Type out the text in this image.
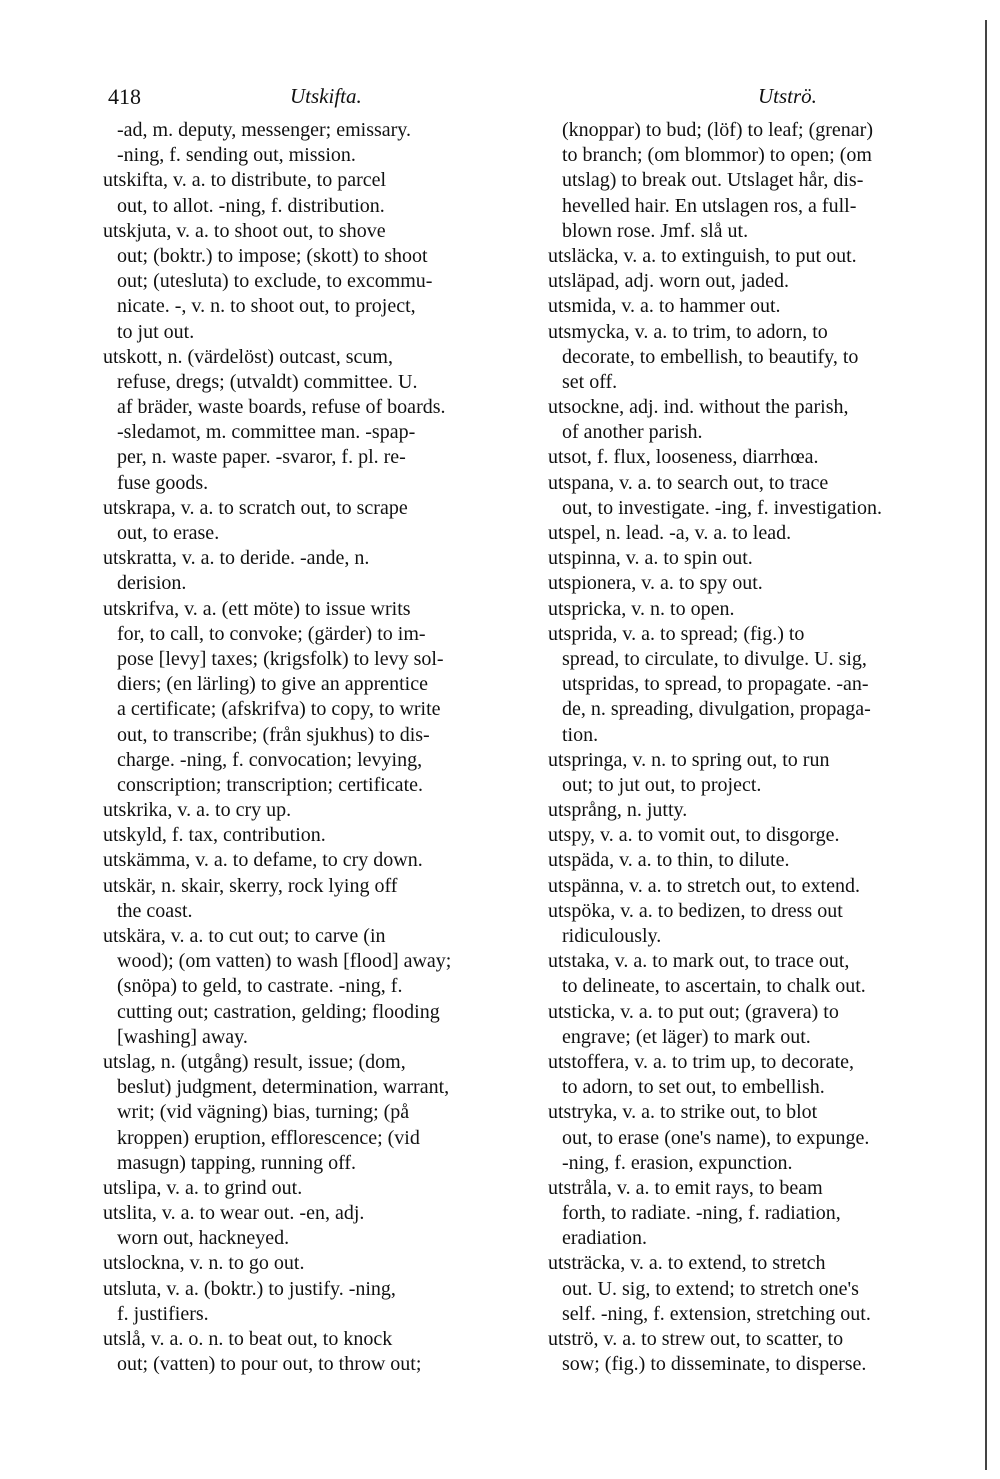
418	Utskifta.	Utströ.
-ad, m. deputy, messenger; emissary.
-ning, f. sending out, mission.
utskifta, v. a. to distribute, to parcel
out, to allot. -ning, f. distribution.
utskjuta, v. a. to shoot out, to shove
out; (boktr.) to impose; (skott) to shoot
out; (utesluta) to exclude, to excommu-
nicate. -, v. n. to shoot out, to project,
to jut out.
utskott, n. (värdelöst) outcast, scum,
refuse, dregs; (utvaldt) committee. U.
af bräder, waste boards, refuse of boards.
-sledamot, m. committee man. -spap-
per, n. waste paper. -svaror, f. pl. re-
fuse goods.
utskrapa, v. a. to scratch out, to scrape
out, to erase.
utskratta, v. a. to deride. -ande, n.
derision.
utskrifva, v. a. (ett möte) to issue writs
for, to call, to convoke; (gärder) to im-
pose [levy] taxes; (krigsfolk) to levy sol-
diers; (en lärling) to give an apprentice
a certificate; (afskrifva) to copy, to write
out, to transcribe; (från sjukhus) to dis-
charge. -ning, f. convocation; levying,
conscription; transcription; certificate.
utskrika, v. a. to cry up.
utskyld, f. tax, contribution.
utskämma, v. a. to defame, to cry down.
utskär, n. skair, skerry, rock lying off
the coast.
utskära, v. a. to cut out; to carve (in
wood); (om vatten) to wash [flood] away;
(snöpa) to geld, to castrate. -ning, f.
cutting out; castration, gelding; flooding
[washing] away.
utslag, n. (utgång) result, issue; (dom,
beslut) judgment, determination, warrant,
writ; (vid vägning) bias, turning; (på
kroppen) eruption, efflorescence; (vid
masugn) tapping, running off.
utslipa, v. a. to grind out.
utslita, v. a. to wear out. -en, adj.
worn out, hackneyed.
utslockna, v. n. to go out.
utsluta, v. a. (boktr.) to justify. -ning,
f. justifiers.
utslå, v. a. o. n. to beat out, to knock
out; (vatten) to pour out, to throw out;
(knoppar) to bud; (löf) to leaf; (grenar)
to branch; (om blommor) to open; (om
utslag) to break out. Utslaget hår, dis-
hevelled hair. En utslagen ros, a full-
blown rose. Jmf. slå ut.
utsläcka, v. a. to extinguish, to put out.
utsläpad, adj. worn out, jaded.
utsmida, v. a. to hammer out.
utsmycka, v. a. to trim, to adorn, to
decorate, to embellish, to beautify, to
set off.
utsockne, adj. ind. without the parish,
of another parish.
utsot, f. flux, looseness, diarrhœa.
utspana, v. a. to search out, to trace
out, to investigate. -ing, f. investigation.
utspel, n. lead. -a, v. a. to lead.
utspinna, v. a. to spin out.
utspionera, v. a. to spy out.
utspricka, v. n. to open.
utsprida, v. a. to spread; (fig.) to
spread, to circulate, to divulge. U. sig,
utspridas, to spread, to propagate. -an-
de, n. spreading, divulgation, propaga-
tion.
utspringa, v. n. to spring out, to run
out; to jut out, to project.
utsprång, n. jutty.
utspy, v. a. to vomit out, to disgorge.
utspäda, v. a. to thin, to dilute.
utspänna, v. a. to stretch out, to extend.
utspöka, v. a. to bedizen, to dress out
ridiculously.
utstaka, v. a. to mark out, to trace out,
to delineate, to ascertain, to chalk out.
utsticka, v. a. to put out; (gravera) to
engrave; (et läger) to mark out.
utstoffera, v. a. to trim up, to decorate,
to adorn, to set out, to embellish.
utstryka, v. a. to strike out, to blot
out, to erase (one's name), to expunge.
-ning, f. erasion, expunction.
utstråla, v. a. to emit rays, to beam
forth, to radiate. -ning, f. radiation,
eradiation.
utsträcka, v. a. to extend, to stretch
out. U. sig, to extend; to stretch one's
self. -ning, f. extension, stretching out.
utströ, v. a. to strew out, to scatter, to
sow; (fig.) to disseminate, to disperse.
